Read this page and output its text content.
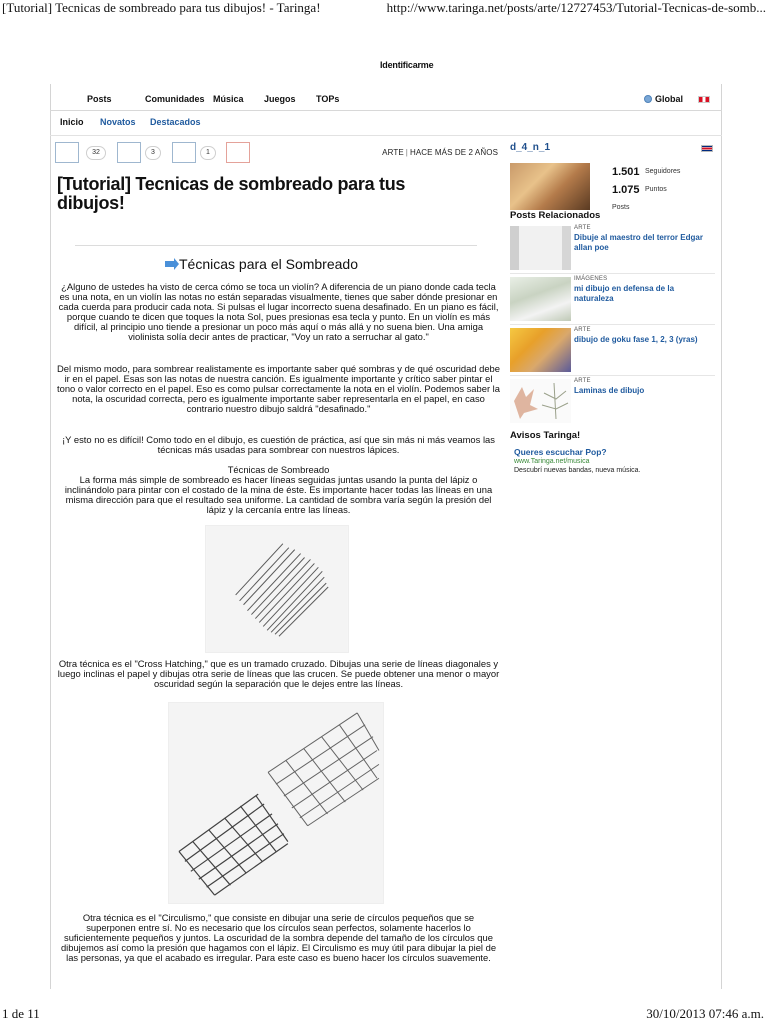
[Tutorial] Tecnicas de sombreado para tus dibujos! - Taringa!	http://www.taringa.net/posts/arte/12727453/Tutorial-Tecnicas-de-somb...
Identificarme
Posts	Comunidades Música Juegos TOPs	Global
Inicio Novatos Destacados
32	3	1	ARTE | HACE MÁS DE 2 AÑOS
[Tutorial] Tecnicas de sombreado para tus dibujos!
Técnicas para el Sombreado

¿Alguno de ustedes ha visto de cerca cómo se toca un violín? A diferencia de un piano donde cada tecla es una nota, en un violín las notas no están separadas visualmente, tienes que saber dónde presionar en cada cuerda para producir cada nota. Si pulsas el lugar incorrecto suena desafinado. En un piano es fácil, porque cuando te dicen que toques la nota Sol, pues presionas esa tecla y punto. En un violín es más difícil, al principio uno tiende a presionar un poco más aquí o más allá y no suena bien. Una amiga violinista solía decir antes de practicar, "Voy un rato a serruchar al gato."

Del mismo modo, para sombrear realistamente es importante saber qué sombras y de qué oscuridad debe ir en el papel. Esas son las notas de nuestra canción. Es igualmente importante y crítico saber pintar el tono o valor correcto en el papel. Eso es como pulsar correctamente la nota en el violín. Podemos saber la nota, la oscuridad correcta, pero es igualmente importante saber representarla en el papel, en caso contrario nuestro dibujo saldrá "desafinado."

¡Y esto no es difícil! Como todo en el dibujo, es cuestión de práctica, así que sin más ni más veamos las técnicas más usadas para sombrear con nuestros lápices.

Técnicas de Sombreado
La forma más simple de sombreado es hacer líneas seguidas juntas usando la punta del lápiz o inclinándolo para pintar con el costado de la mina de éste. Es importante hacer todas las líneas en una misma dirección para que el resultado sea uniforme. La cantidad de sombra varía según la presión del lápiz y la cercanía entre las líneas.

Otra técnica es el "Cross Hatching," que es un tramado cruzado. Dibujas una serie de líneas diagonales y luego inclinas el papel y dibujas otra serie de líneas que las crucen. Se puede obtener una menor o mayor oscuridad según la separación que le dejes entre las líneas.

Otra técnica es el "Circulismo," que consiste en dibujar una serie de círculos pequeños que se superponen entre sí. No es necesario que los círculos sean perfectos, solamente hacerlos lo suficientemente pequeños y juntos. La oscuridad de la sombra depende del tamaño de los círculos que dibujemos así como la presión que hagamos con el lápiz. El Circulismo es muy útil para dibujar la piel de las personas, ya que el acabado es irregular. Para este caso es bueno hacer los círculos suavemente.

d_4_n_1
1.501 Seguidores
1.075 Puntos
Posts
Posts Relacionados
ARTE
Dibuje al maestro del terror Edgar allan poe
IMÁGENES
mi dibujo en defensa de la naturaleza
ARTE
dibujo de goku fase 1, 2, 3 (yras)
ARTE
Laminas de dibujo
Avisos Taringa!
Queres escuchar Pop?
www.Taringa.net/musica
Descubrí nuevas bandas, nueva música.
1 de 11	30/10/2013 07:46 a.m.
